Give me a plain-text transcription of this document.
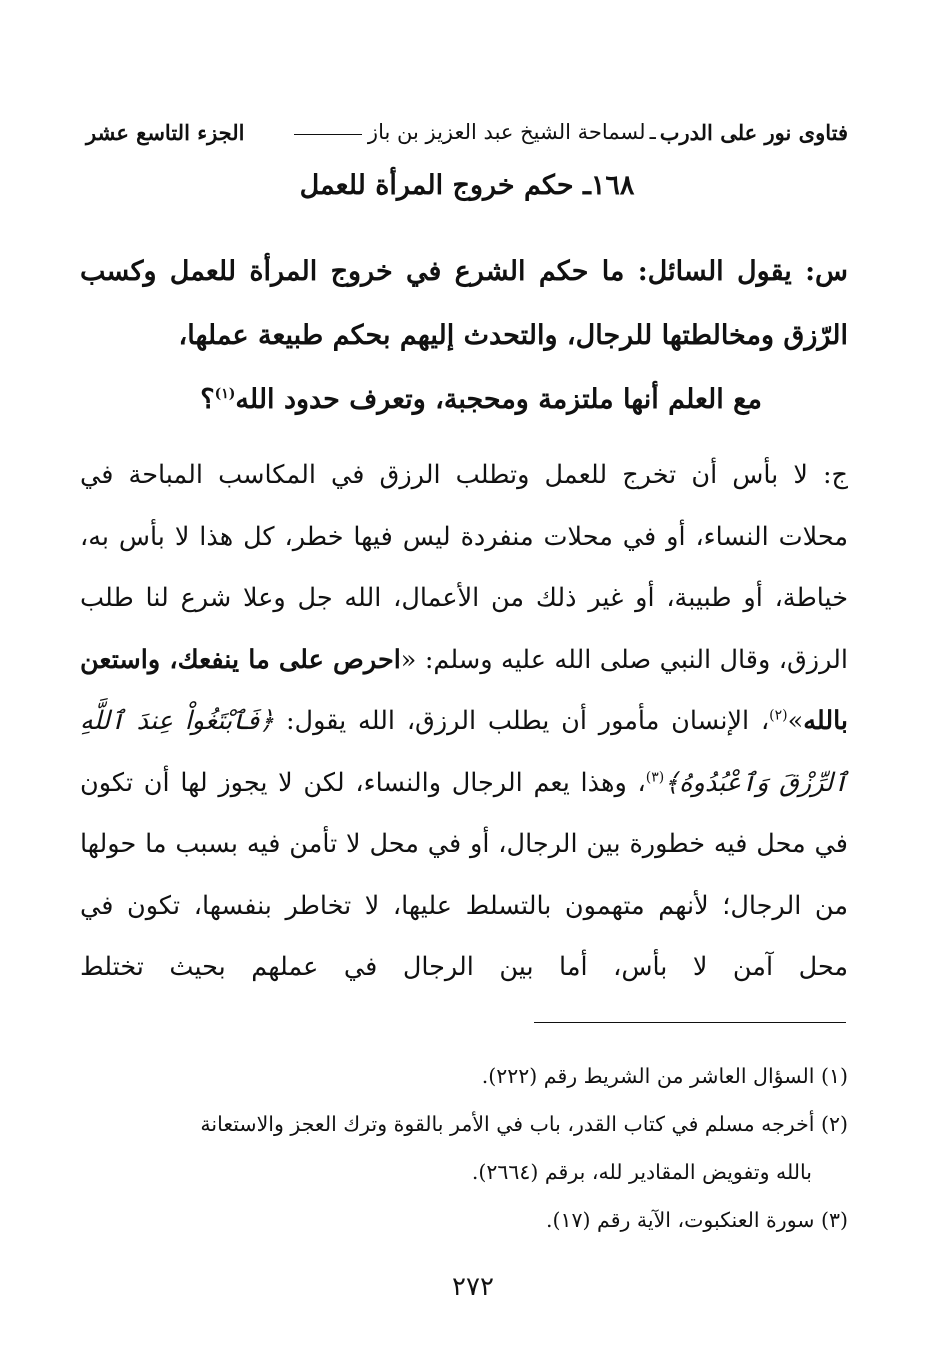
فتاوى نور على الدرب
ـ
لسماحة الشيخ عبد العزيز بن باز
الجزء التاسع عشر
١٦٨ـ حكم خروج المرأة للعمل
س: يقول السائل: ما حكم الشرع في خروج المرأة للعمل وكسب الرّزق ومخالطتها للرجال، والتحدث إليهم بحكم طبيعة عملها،
مع العلم أنها ملتزمة ومحجبة، وتعرف حدود الله$^{(١)}$؟
ج: لا بأس أن تخرج للعمل وتطلب الرزق في المكاسب المباحة في محلات النساء، أو في محلات منفردة ليس فيها خطر، كل هذا لا بأس به، خياطة، أو طبيبة، أو غير ذلك من الأعمال، الله جل وعلا شرع لنا طلب الرزق، وقال النبي صلى الله عليه وسلم: «احرص على ما ينفعك، واستعن بالله»$^{(٢)}$، الإنسان مأمور أن يطلب الرزق، الله يقول: ﴿فَٱبْتَغُواْ عِندَ ٱللَّهِ ٱلرِّزْقَ وَٱعْبُدُوهُ﴾$^{(٣)}$، وهذا يعم الرجال والنساء، لكن لا يجوز لها أن تكون في محل فيه خطورة بين الرجال، أو في محل لا تأمن فيه بسبب ما حولها من الرجال؛ لأنهم متهمون بالتسلط عليها، لا تخاطر بنفسها، تكون في محل آمن لا بأس، أما بين الرجال في عملهم بحيث تختلط
(١) السؤال العاشر من الشريط رقم (٢٢٢).
(٢) أخرجه مسلم في كتاب القدر، باب في الأمر بالقوة وترك العجز والاستعانة
بالله وتفويض المقادير لله، برقم (٢٦٦٤).
(٣) سورة العنكبوت، الآية رقم (١٧).
٢٧٢
